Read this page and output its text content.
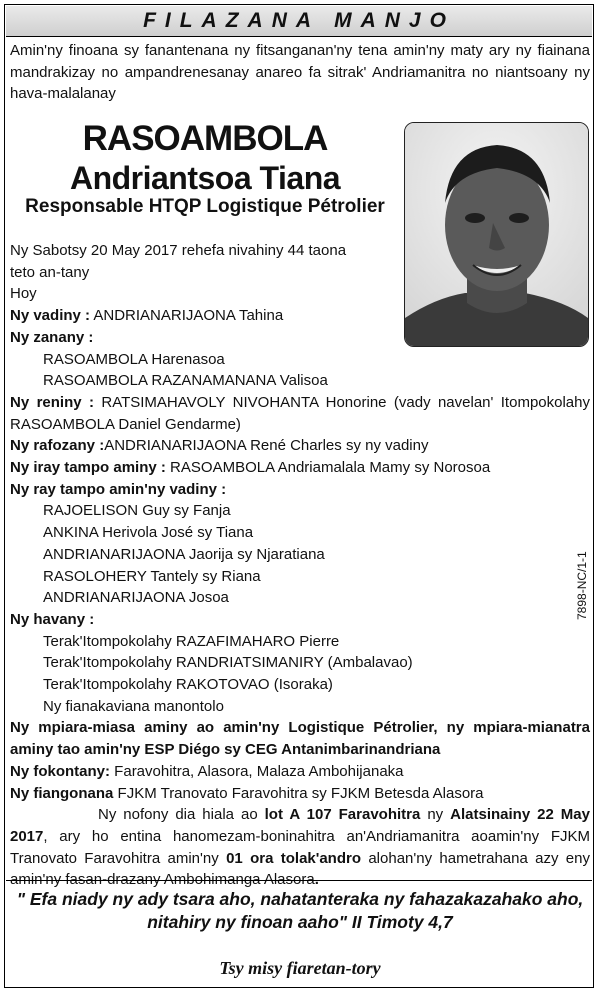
FILAZANA MANJO
Amin'ny finoana sy fanantenana ny fitsanganan'ny tena amin'ny maty ary ny fiainana mandrakizay no ampandrenesanay anareo fa sitrak' Andriamanitra no niantsoany ny hava-malalanay
RASOAMBOLA
Andriantsoa Tiana
Responsable HTQP Logistique Pétrolier
Ny Sabotsy 20 May 2017 rehefa nivahiny 44 taona
teto an-tany
Hoy
Ny vadiny : ANDRIANARIJAONA Tahina
Ny zanany :
RASOAMBOLA Harenasoa
RASOAMBOLA RAZANAMANANA Valisoa
Ny reniny : RATSIMAHAVOLY NIVOHANTA Honorine (vady navelan' Itompokolahy RASOAMBOLA Daniel Gendarme)
Ny rafozany :ANDRIANARIJAONA René Charles sy ny vadiny
Ny iray tampo aminy : RASOAMBOLA Andriamalala Mamy sy Norosoa
Ny ray tampo amin'ny vadiny :
RAJOELISON Guy sy Fanja
ANKINA Herivola José sy Tiana
ANDRIANARIJAONA Jaorija sy Njaratiana
RASOLOHERY Tantely sy Riana
ANDRIANARIJAONA Josoa
Ny havany :
Terak'Itompokolahy RAZAFIMAHARO Pierre
Terak'Itompokolahy RANDRIATSIMANIRY (Ambalavao)
Terak'Itompokolahy RAKOTOVAO (Isoraka)
Ny fianakaviana manontolo
Ny mpiara-miasa aminy ao amin'ny Logistique Pétrolier, ny mpiara-mianatra aminy tao amin'ny ESP Diégo sy CEG Antanimbarinandriana
Ny fokontany: Faravohitra, Alasora, Malaza Ambohijanaka
Ny fiangonana FJKM Tranovato Faravohitra sy FJKM Betesda Alasora
Ny nofony dia hiala ao lot A 107 Faravohitra ny Alatsinainy 22 May 2017, ary ho entina hanomezam-boninahitra an'Andriamanitra aoamin'ny FJKM Tranovato Faravohitra amin'ny 01 ora tolak'andro alohan'ny hametrahana azy eny amin'ny fasan-drazany Ambohimanga Alasora.
7898-NC/1-1
" Efa niady ny ady tsara aho, nahatanteraka ny fahazakazahako aho,
nitahiry ny finoan aaho" II Timoty 4,7
Tsy misy fiaretan-tory
